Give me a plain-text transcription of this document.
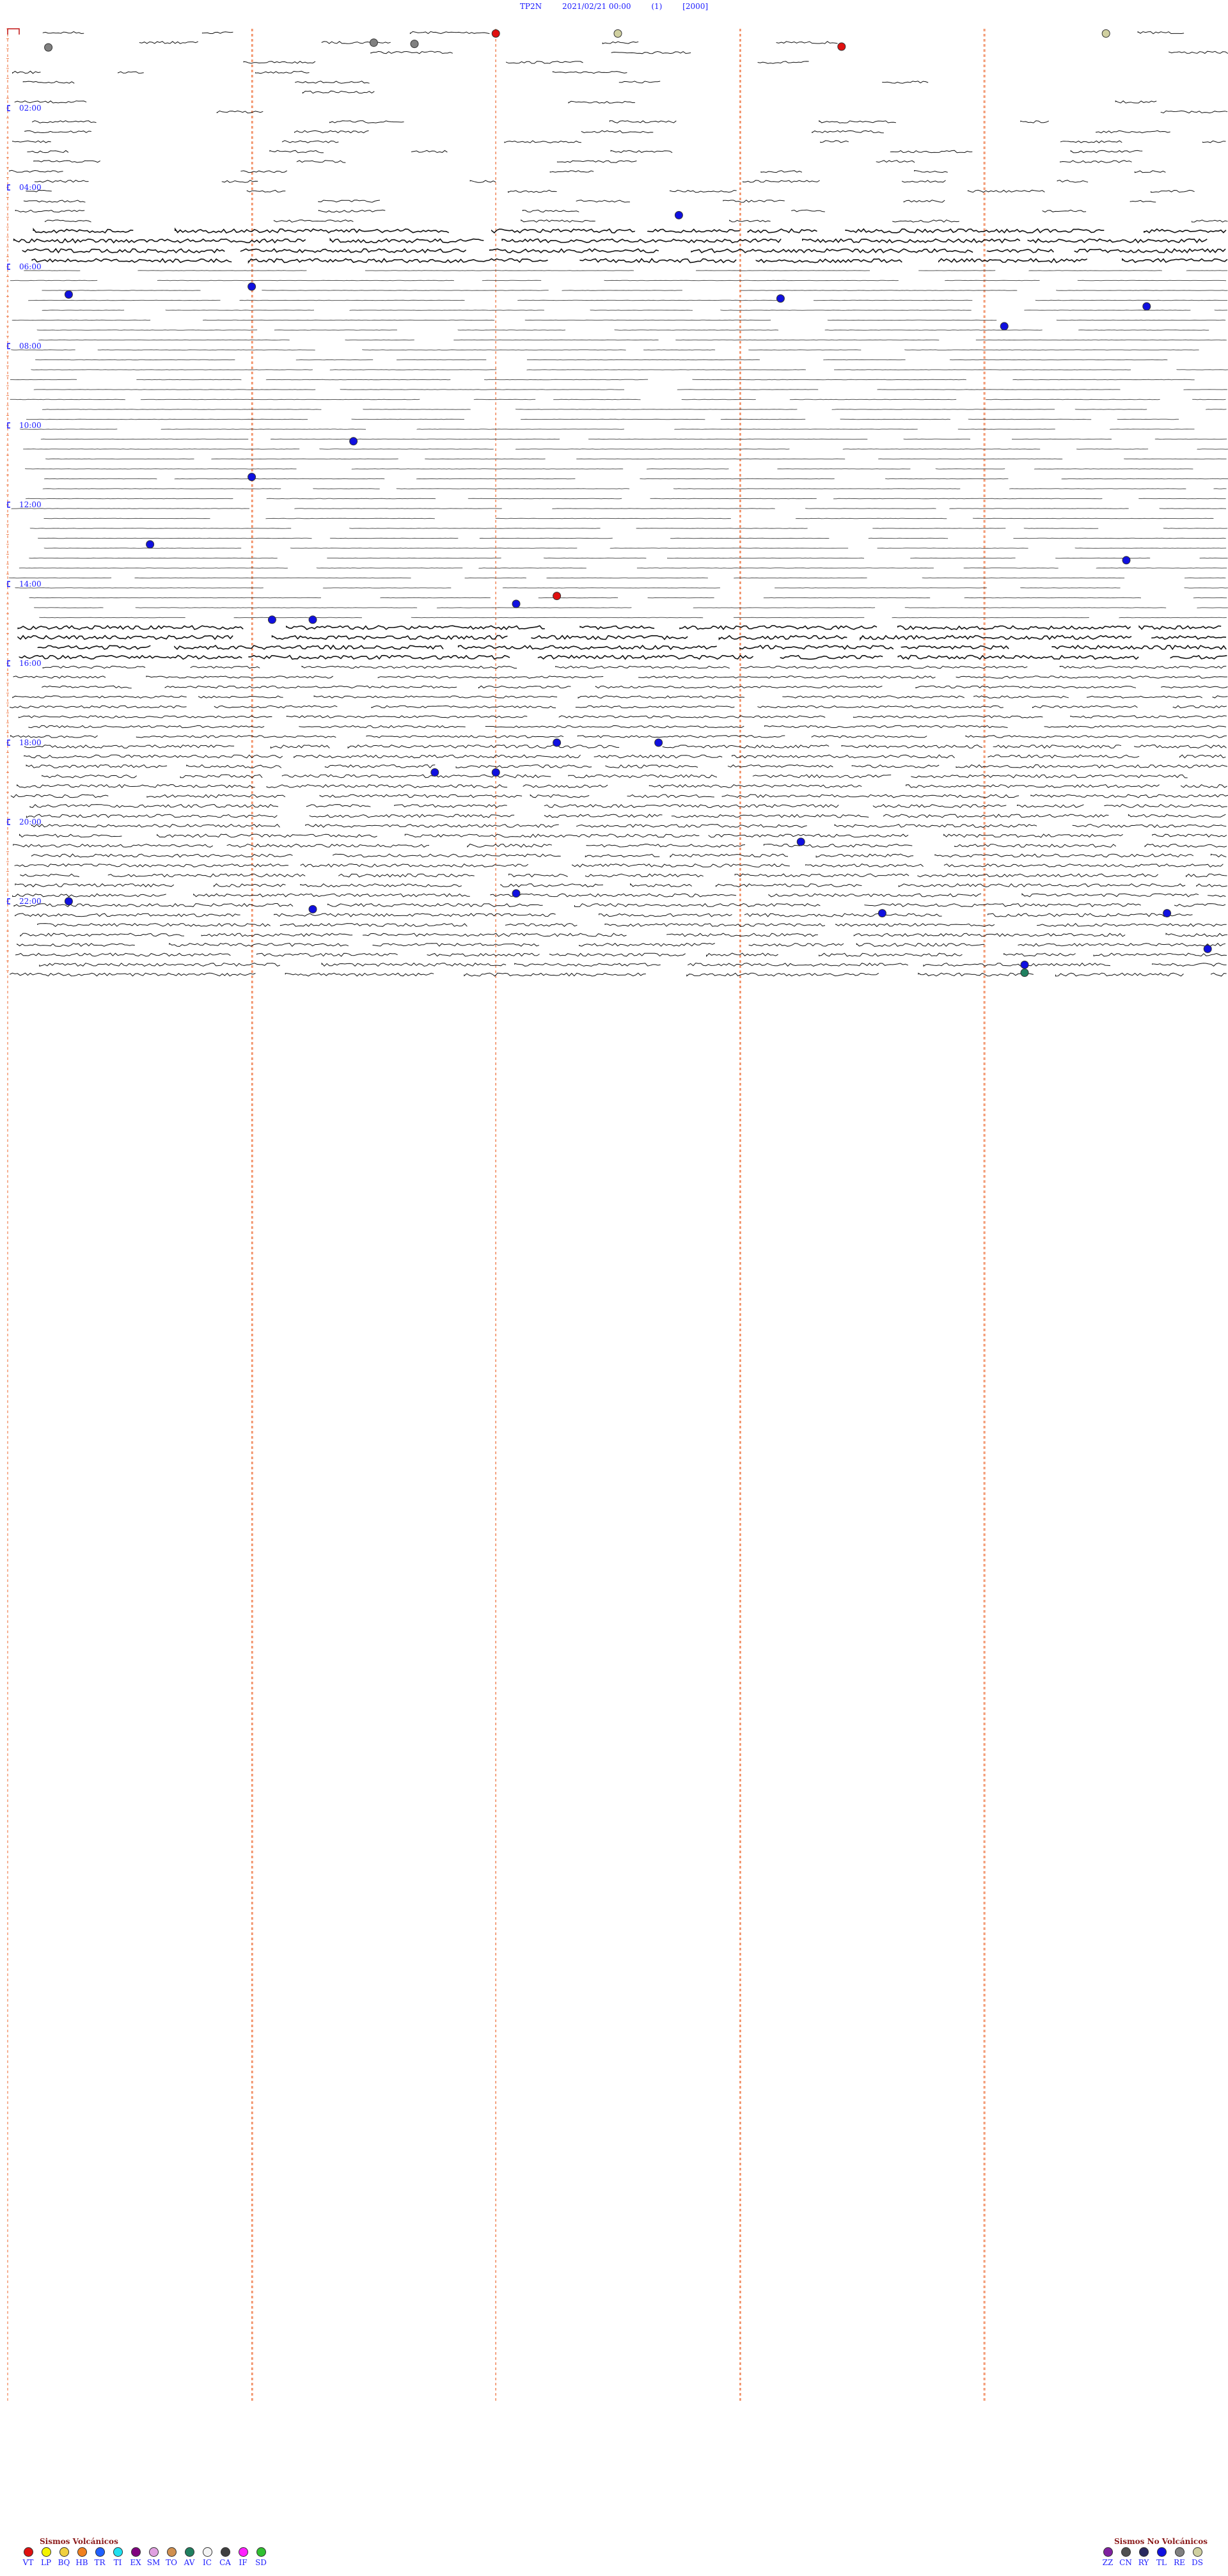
TP2N	2021/02/21 00:00	(1)	[2000]
02:00
04:00
06:00
08:00
10:00
12:00
14:00
16:00
18:00
20:00
22:00
Sismos Volcánicos
VT LP BQ HB TR	TI	EX SM TO AV	IC	CA	IF	SD
Sismos No Volcánicos
ZZ CN RY TL RE DS
